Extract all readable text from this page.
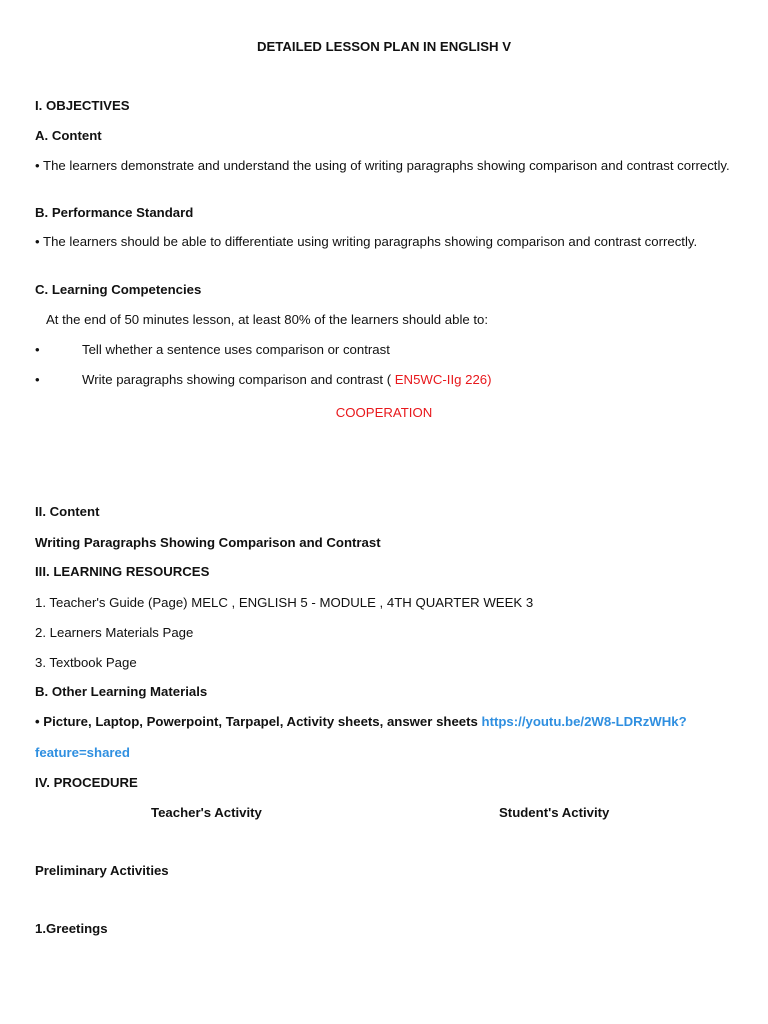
DETAILED LESSON PLAN IN ENGLISH V
I. OBJECTIVES
A. Content
• The learners demonstrate and understand the using of writing paragraphs showing comparison and contrast correctly.
B. Performance Standard
• The learners should be able to differentiate using writing paragraphs showing comparison and contrast correctly.
C. Learning Competencies
At the end of 50 minutes lesson, at least 80% of the learners should able to:
•	Tell whether a sentence uses comparison or contrast
•	Write paragraphs showing comparison and contrast ( EN5WC-IIg 226)
COOPERATION
II. Content
Writing Paragraphs Showing Comparison and Contrast
III. LEARNING RESOURCES
1. Teacher's Guide (Page) MELC , ENGLISH 5 - MODULE , 4TH QUARTER WEEK 3
2. Learners Materials Page
3. Textbook Page
B. Other Learning Materials
• Picture, Laptop, Powerpoint, Tarpapel, Activity sheets, answer sheets https://youtu.be/2W8-LDRzWHk?
feature=shared
IV. PROCEDURE
Teacher's Activity	Student's Activity
Preliminary Activities
1.Greetings
